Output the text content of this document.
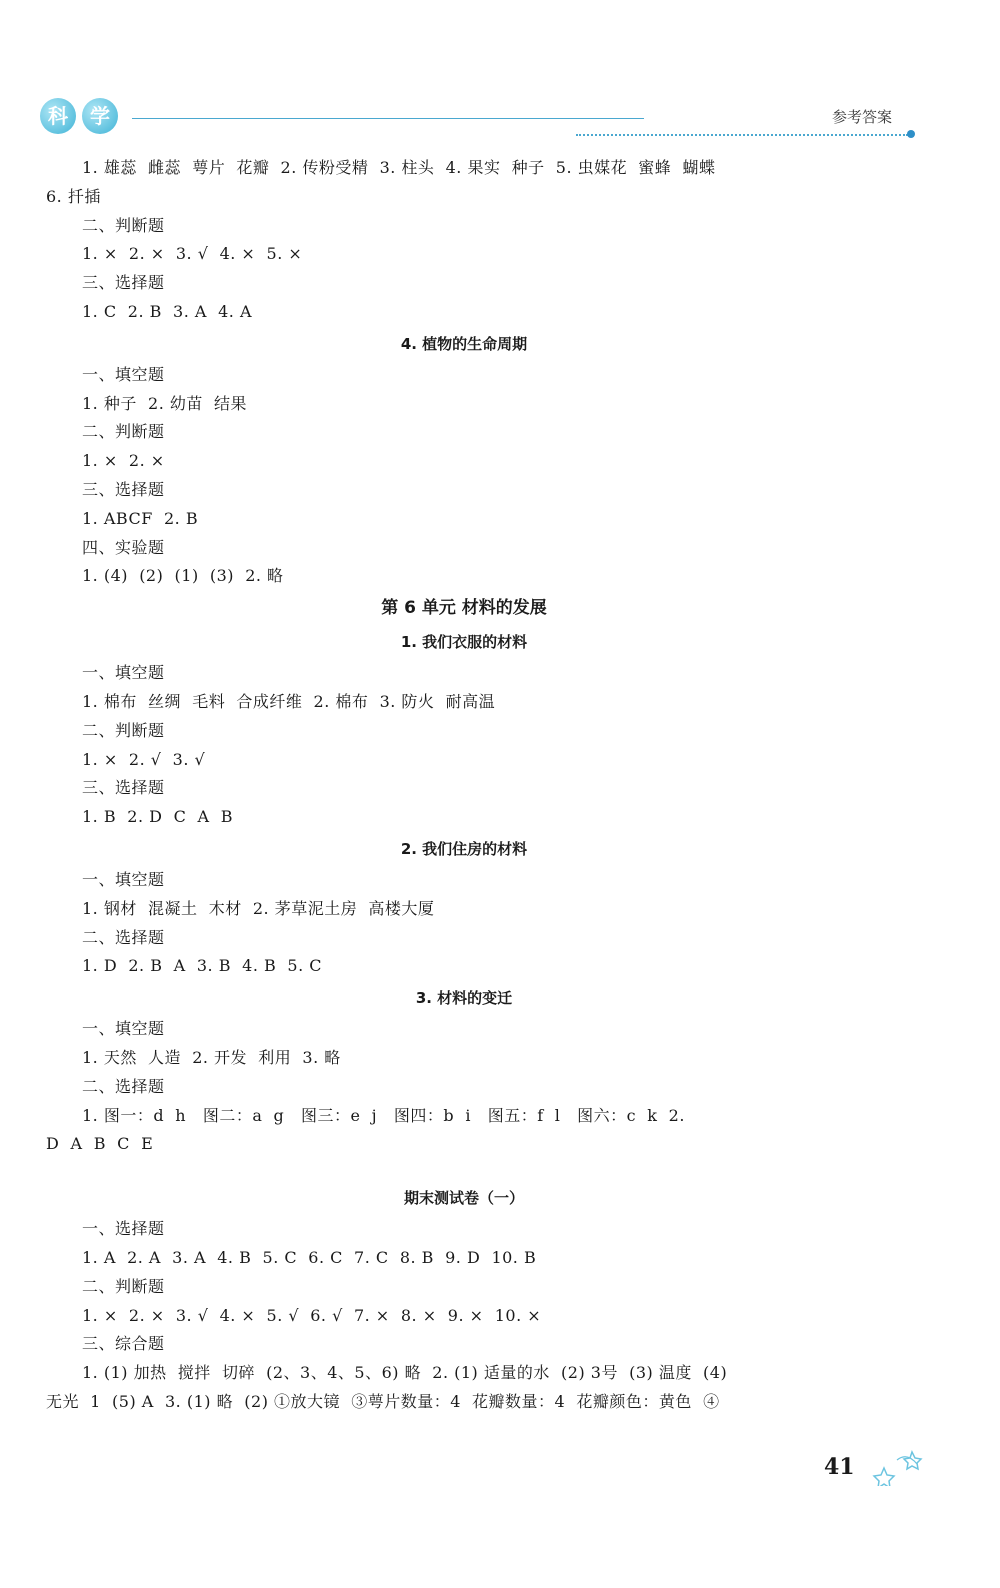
科	学	参考答案
1. 雄蕊  雌蕊  萼片  花瓣  2. 传粉受精  3. 柱头  4. 果实  种子  5. 虫媒花  蜜蜂  蝴蝶
6. 扦插
二、判断题
1. ×  2. ×  3. √  4. ×  5. ×
三、选择题
1. C  2. B  3. A  4. A
4. 植物的生命周期
一、填空题
1. 种子  2. 幼苗  结果
二、判断题
1. ×  2. ×
三、选择题
1. ABCF  2. B
四、实验题
1. (4)  (2)  (1)  (3)  2. 略
第 6 单元 材料的发展
1. 我们衣服的材料
一、填空题
1. 棉布  丝绸  毛料  合成纤维  2. 棉布  3. 防火  耐高温
二、判断题
1. ×  2. √  3. √
三、选择题
1. B  2. D  C  A  B
2. 我们住房的材料
一、填空题
1. 钢材  混凝土  木材  2. 茅草泥土房  高楼大厦
二、选择题
1. D  2. B  A  3. B  4. B  5. C
3. 材料的变迁
一、填空题
1. 天然  人造  2. 开发  利用  3. 略
二、选择题
1. 图一：d  h   图二：a  g   图三：e  j   图四：b  i   图五：f  l   图六：c  k  2.
D  A  B  C  E
期末测试卷（一）
一、选择题
1. A  2. A  3. A  4. B  5. C  6. C  7. C  8. B  9. D  10. B
二、判断题
1. ×  2. ×  3. √  4. ×  5. √  6. √  7. ×  8. ×  9. ×  10. ×
三、综合题
1. (1) 加热  搅拌  切碎  (2、3、4、5、6) 略  2. (1) 适量的水  (2) 3号  (3) 温度  (4)
无光  1  (5) A  3. (1) 略  (2) ①放大镜  ③萼片数量：4  花瓣数量：4  花瓣颜色：黄色  ④
41
